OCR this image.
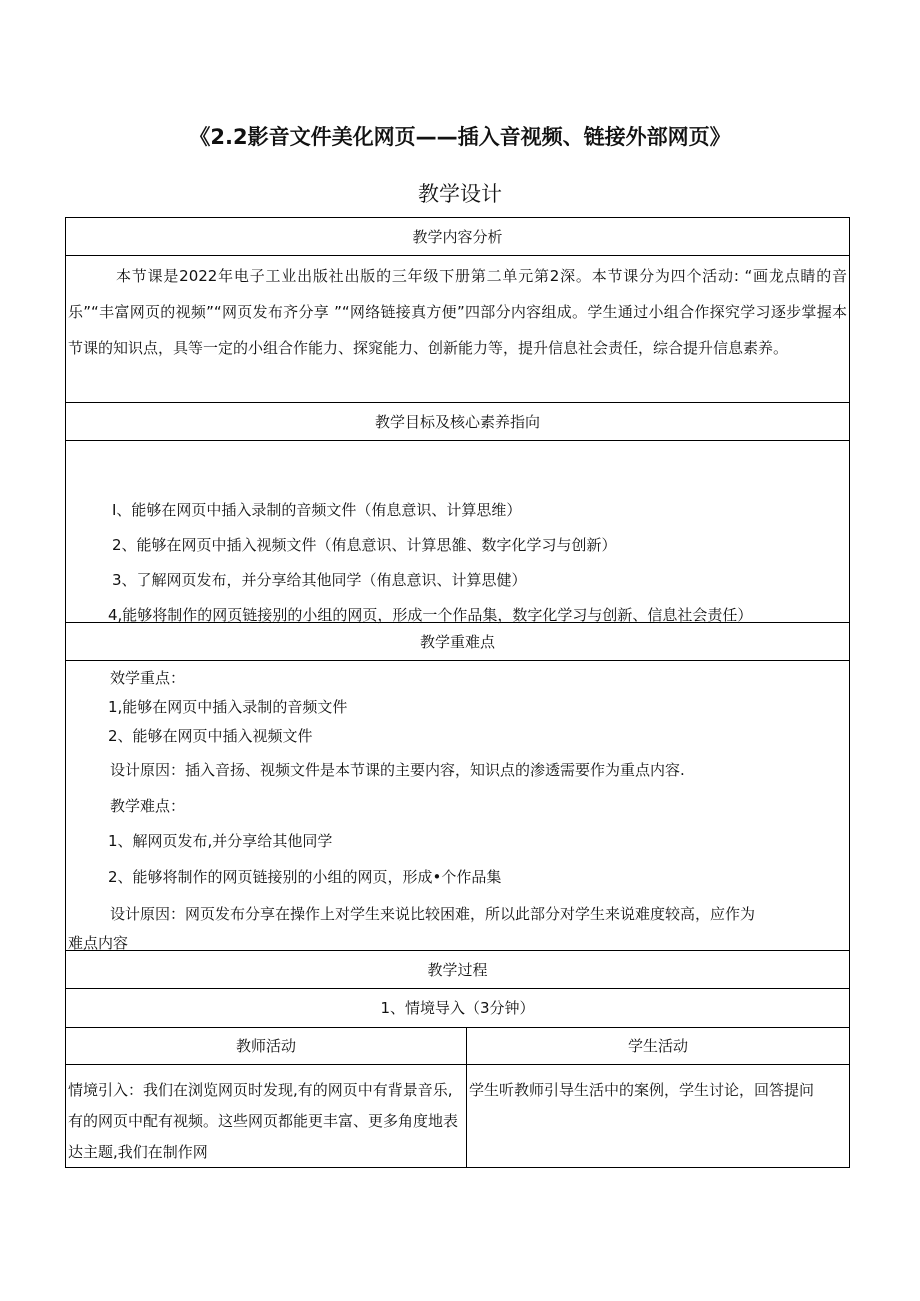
《2.2影音文件美化网页——插入音视频、链接外部网页》
教学设计
教学内容分析
本节课是2022年电子工业出版社出版的三年级下册第二单元第2深。本节课分为四个活动: “画龙点睛的音乐”“丰富网页的视频”“网页发布齐分享 ”“网络链接真方便”四部分内容组成。学生通过小组合作探究学习逐步掌握本节课的知识点，具等一定的小组合作能力、探窕能力、创新能力等，提升信息社会责任，综合提升信息素养。
教学目标及核心素养指向
I、能够在网页中插入录制的音频文件（侑息意识、计算思维）
2、能够在网页中插入视频文件（侑息意识、计算思雒、数字化学习与创新）
3、了解网页发布，并分享给其他同学（侑息意识、计算思健）
4,能够将制作的网页链接别的小组的网页，形成一个作品集，数字化学习与创新、信息社会责任）
教学重难点
效学重点：
1,能够在网页中插入录制的音频文件
2、能够在网页中插入视频文件
设计原因：插入音扬、视频文件是本节课的主要内容，知识点的渗透需要作为重点内容.
教学难点：
1、解网页发布,并分享给其他同学
2、能够将制作的网页链接别的小组的网页，形成•个作品集
设计原因：网页发布分享在操作上对学生来说比较困难，所以此部分对学生来说难度较高，应作为
难点内容
教学过程
1、情境导入（3分钟）
教师活动
情境引入：我们在浏览网页时发现,有的网页中有背景音乐,有的网页中配有视频。这些网页都能更丰富、更多角度地表达主题,我们在制作网
学生活动
学生听教师引导生活中的案例，学生讨论，回答提问
